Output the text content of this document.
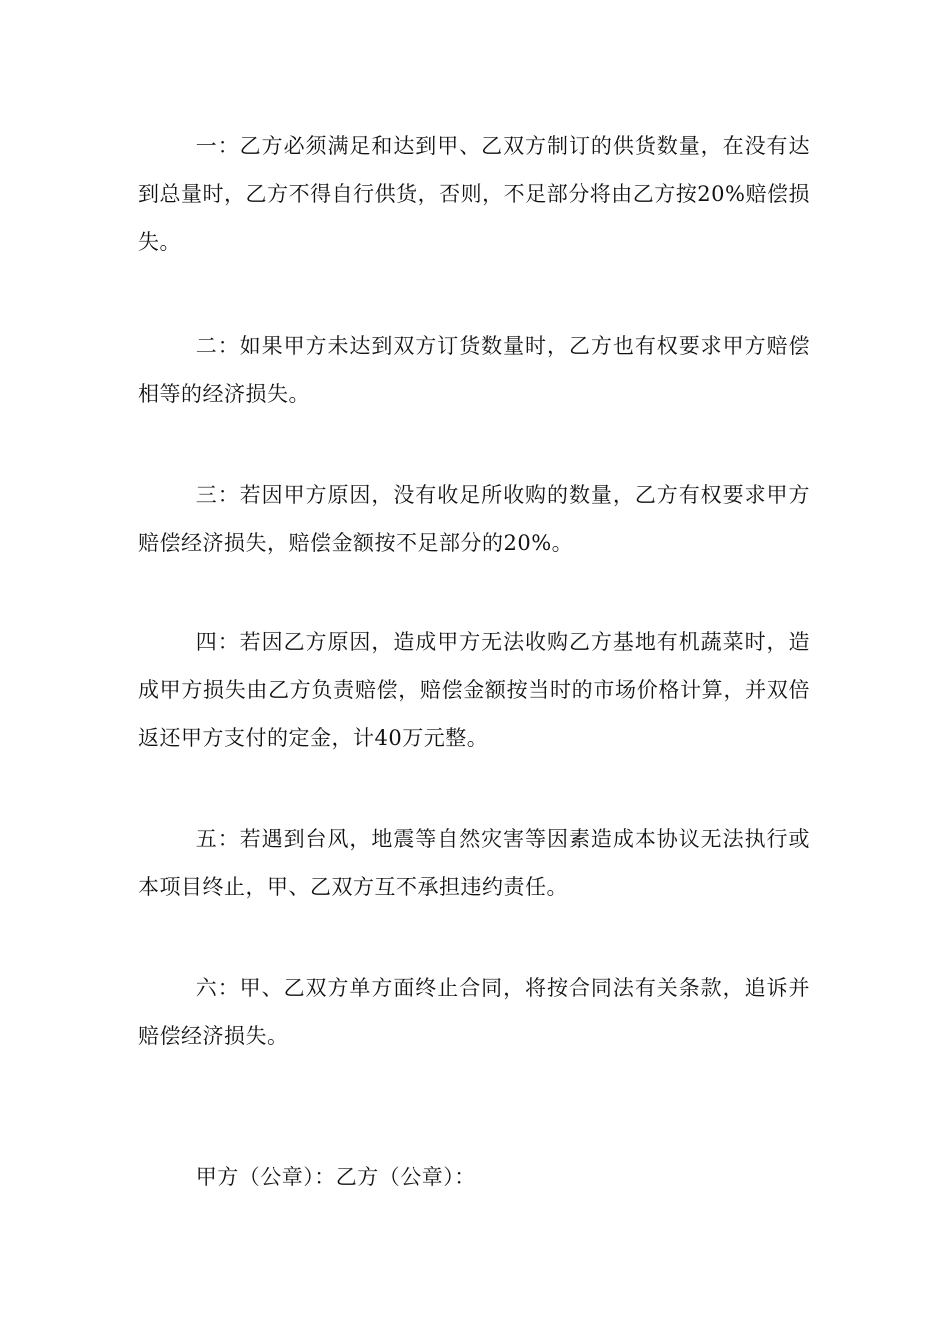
一：乙方必须满足和达到甲、乙双方制订的供货数量，在没有达到总量时，乙方不得自行供货，否则，不足部分将由乙方按20%赔偿损失。

二：如果甲方未达到双方订货数量时，乙方也有权要求甲方赔偿相等的经济损失。

三：若因甲方原因，没有收足所收购的数量，乙方有权要求甲方赔偿经济损失，赔偿金额按不足部分的20%。

四：若因乙方原因，造成甲方无法收购乙方基地有机蔬菜时，造成甲方损失由乙方负责赔偿，赔偿金额按当时的市场价格计算，并双倍返还甲方支付的定金，计40万元整。

五：若遇到台风，地震等自然灾害等因素造成本协议无法执行或本项目终止，甲、乙双方互不承担违约责任。

六：甲、乙双方单方面终止合同，将按合同法有关条款，追诉并赔偿经济损失。

甲方（公章）：乙方（公章）：
